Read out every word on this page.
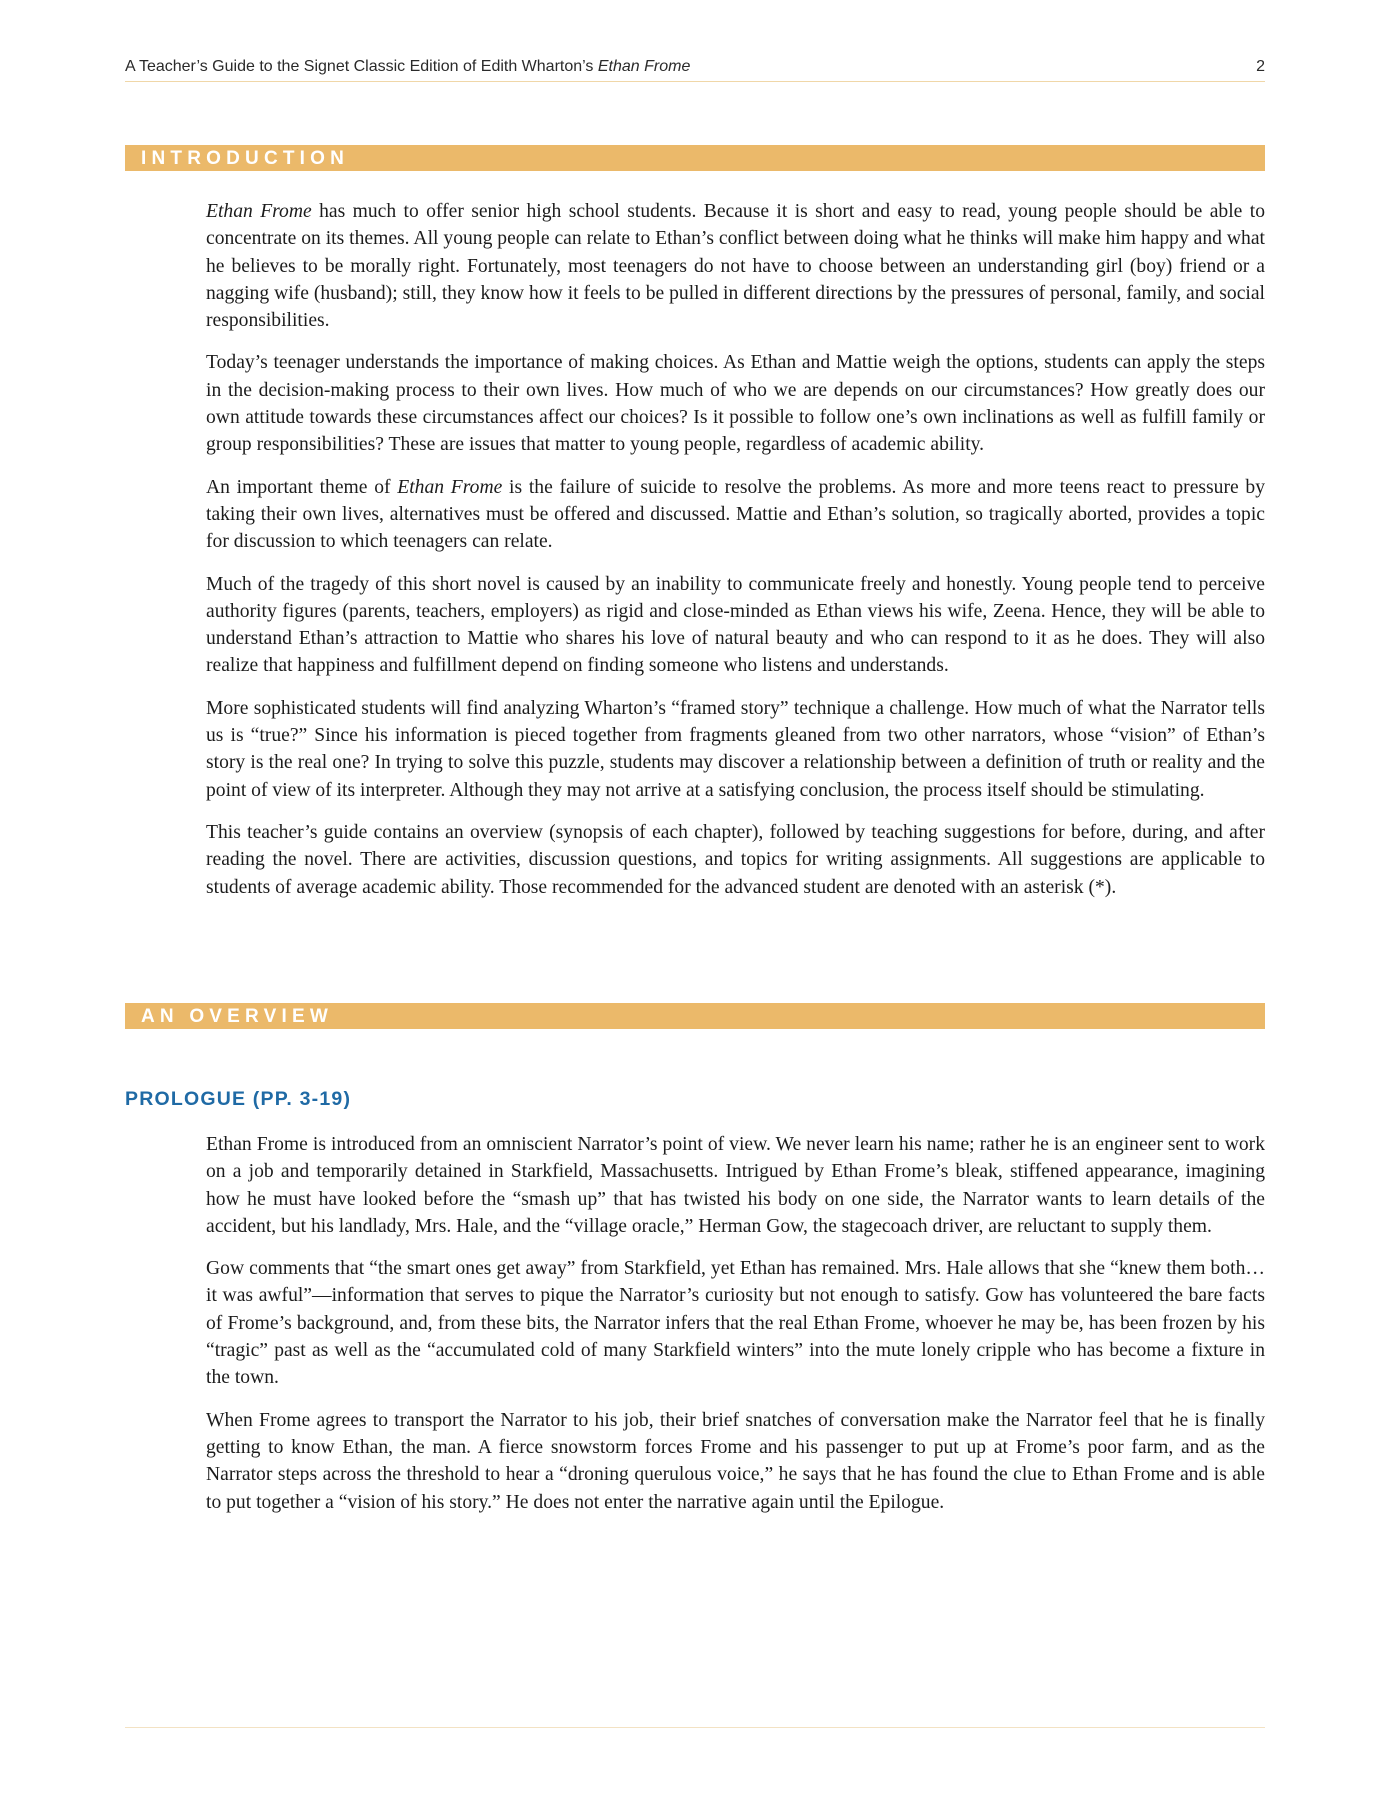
A Teacher’s Guide to the Signet Classic Edition of Edith Wharton’s Ethan Frome	2
INTRODUCTION

Ethan Frome has much to offer senior high school students. Because it is short and easy to read, young people should be able to concentrate on its themes. All young people can relate to Ethan’s conflict between doing what he thinks will make him happy and what he believes to be morally right. Fortunately, most teenagers do not have to choose between an understanding girl (boy) friend or a nagging wife (husband); still, they know how it feels to be pulled in different directions by the pressures of personal, family, and social responsibilities.

Today’s teenager understands the importance of making choices. As Ethan and Mattie weigh the options, students can apply the steps in the decision-making process to their own lives. How much of who we are depends on our circumstances? How greatly does our own attitude towards these circumstances affect our choices? Is it possible to follow one’s own inclinations as well as fulfill family or group responsibilities? These are issues that matter to young people, regardless of academic ability.

An important theme of Ethan Frome is the failure of suicide to resolve the problems. As more and more teens react to pressure by taking their own lives, alternatives must be offered and discussed. Mattie and Ethan’s solution, so tragically aborted, provides a topic for discussion to which teenagers can relate.

Much of the tragedy of this short novel is caused by an inability to communicate freely and honestly. Young people tend to perceive authority figures (parents, teachers, employers) as rigid and close-minded as Ethan views his wife, Zeena. Hence, they will be able to understand Ethan’s attraction to Mattie who shares his love of natural beauty and who can respond to it as he does. They will also realize that happiness and fulfillment depend on finding someone who listens and understands.

More sophisticated students will find analyzing Wharton’s “framed story” technique a challenge. How much of what the Narrator tells us is “true?” Since his information is pieced together from fragments gleaned from two other narrators, whose “vision” of Ethan’s story is the real one? In trying to solve this puzzle, students may discover a relationship between a definition of truth or reality and the point of view of its interpreter. Although they may not arrive at a satisfying conclusion, the process itself should be stimulating.

This teacher’s guide contains an overview (synopsis of each chapter), followed by teaching suggestions for before, during, and after reading the novel. There are activities, discussion questions, and topics for writing assignments. All suggestions are applicable to students of average academic ability. Those recommended for the advanced student are denoted with an asterisk (*).

AN OVERVIEW
PROLOGUE (PP. 3-19)

Ethan Frome is introduced from an omniscient Narrator’s point of view. We never learn his name; rather he is an engineer sent to work on a job and temporarily detained in Starkfield, Massachusetts. Intrigued by Ethan Frome’s bleak, stiffened appearance, imagining how he must have looked before the “smash up” that has twisted his body on one side, the Narrator wants to learn details of the accident, but his landlady, Mrs. Hale, and the “village oracle,” Herman Gow, the stagecoach driver, are reluctant to supply them.

Gow comments that “the smart ones get away” from Starkfield, yet Ethan has remained. Mrs. Hale allows that she “knew them both…it was awful”—information that serves to pique the Narrator’s curiosity but not enough to satisfy. Gow has volunteered the bare facts of Frome’s background, and, from these bits, the Narrator infers that the real Ethan Frome, whoever he may be, has been frozen by his “tragic” past as well as the “accumulated cold of many Starkfield winters” into the mute lonely cripple who has become a fixture in the town.

When Frome agrees to transport the Narrator to his job, their brief snatches of conversation make the Narrator feel that he is finally getting to know Ethan, the man. A fierce snowstorm forces Frome and his passenger to put up at Frome’s poor farm, and as the Narrator steps across the threshold to hear a “droning querulous voice,” he says that he has found the clue to Ethan Frome and is able to put together a “vision of his story.” He does not enter the narrative again until the Epilogue.
